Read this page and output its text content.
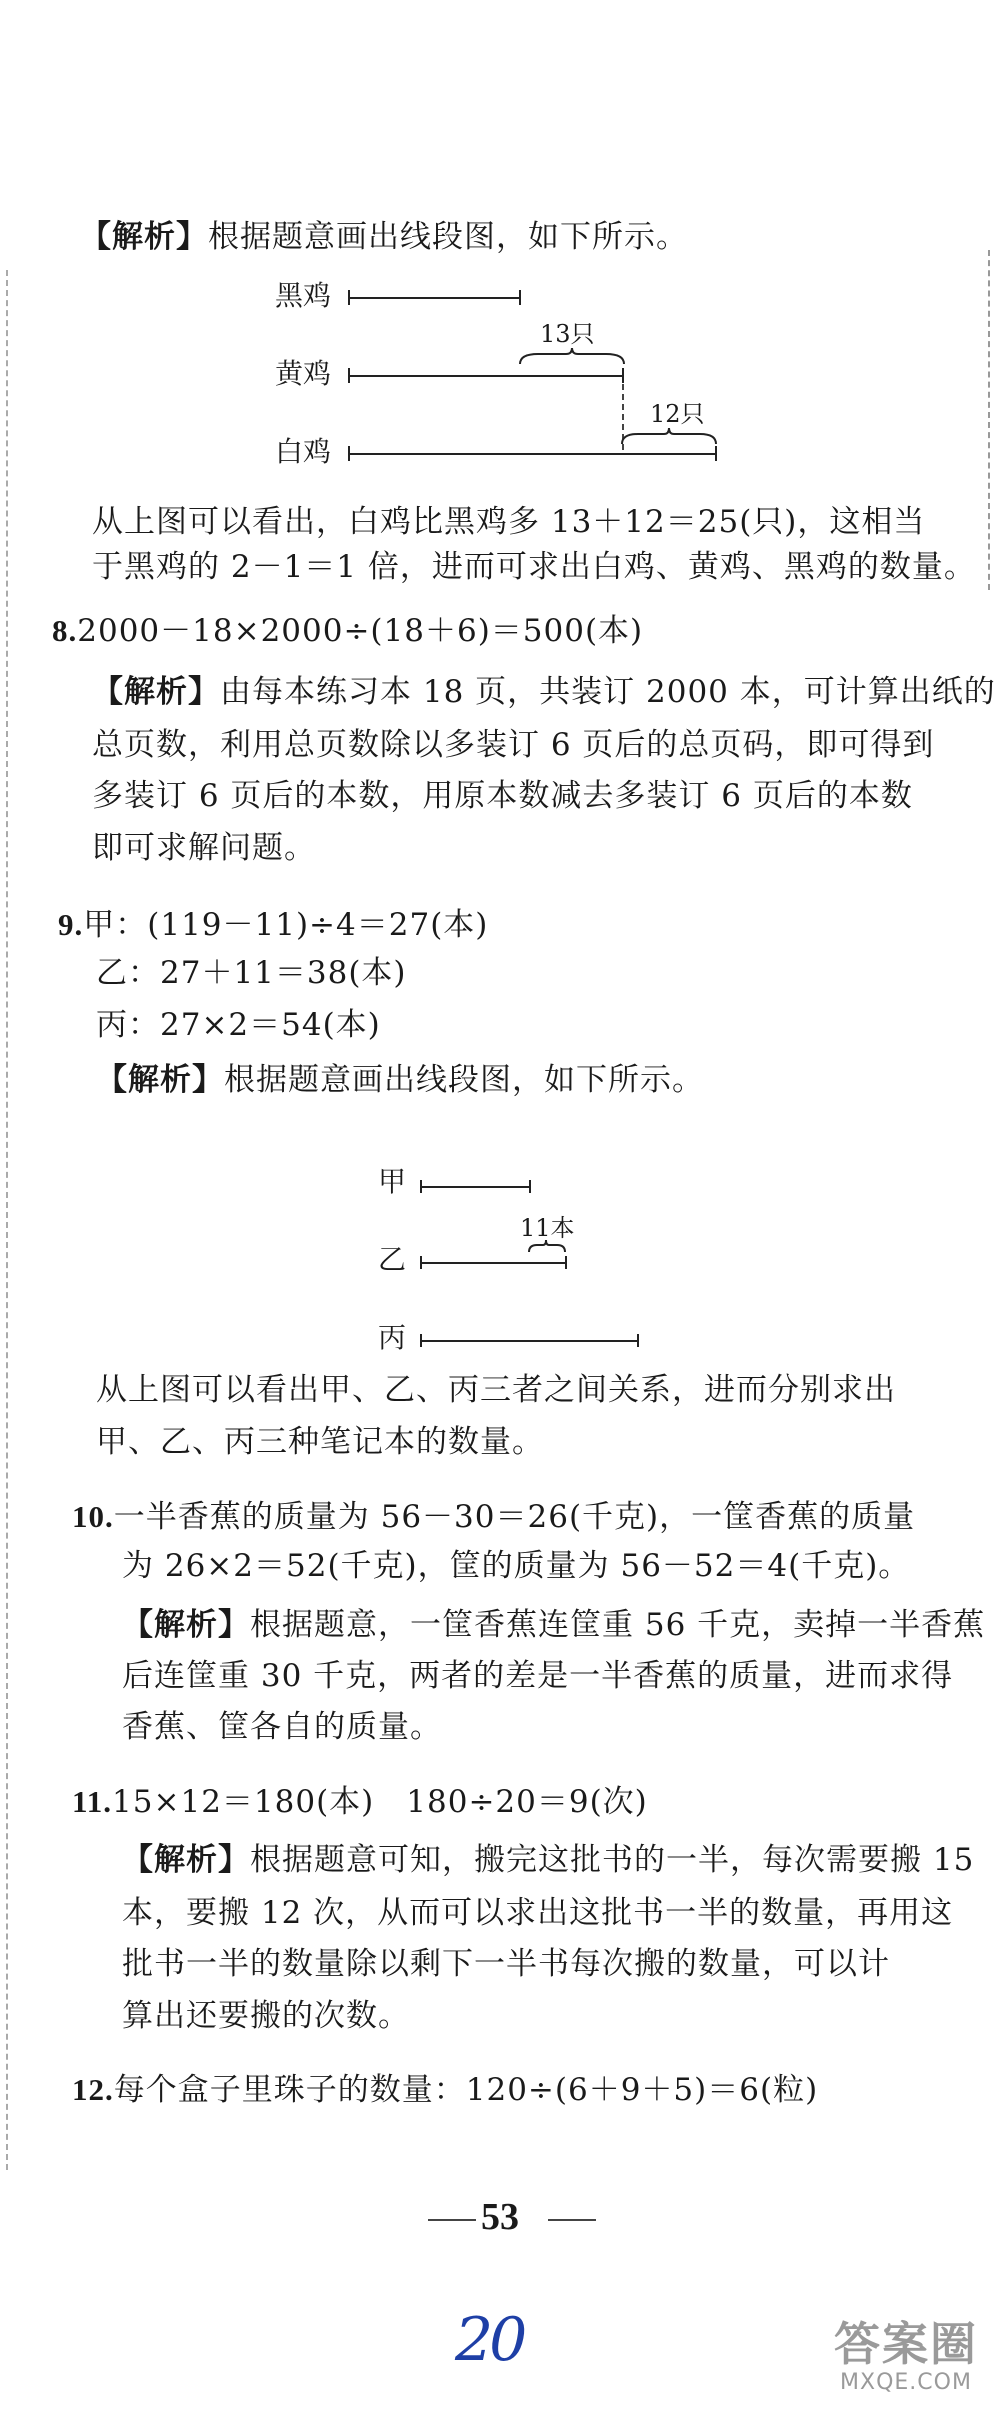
【解析】根据题意画出线段图，如下所示。
黑鸡
13只
黄鸡
12只
白鸡
从上图可以看出，白鸡比黑鸡多 13＋12＝25(只)，这相当
于黑鸡的 2－1＝1 倍，进而可求出白鸡、黄鸡、黑鸡的数量。
8.2000－18×2000÷(18＋6)＝500(本)
【解析】由每本练习本 18 页，共装订 2000 本，可计算出纸的
总页数，利用总页数除以多装订 6 页后的总页码，即可得到
多装订 6 页后的本数，用原本数减去多装订 6 页后的本数
即可求解问题。
9.甲：(119－11)÷4＝27(本)
乙：27＋11＝38(本)
丙：27×2＝54(本)
【解析】根据题意画出线段图，如下所示。
甲
11本
乙
丙
从上图可以看出甲、乙、丙三者之间关系，进而分别求出
甲、乙、丙三种笔记本的数量。
10.一半香蕉的质量为 56－30＝26(千克)，一筐香蕉的质量
为 26×2＝52(千克)，筐的质量为 56－52＝4(千克)。
【解析】根据题意，一筐香蕉连筐重 56 千克，卖掉一半香蕉
后连筐重 30 千克，两者的差是一半香蕉的质量，进而求得
香蕉、筐各自的质量。
11.15×12＝180(本)　180÷20＝9(次)
【解析】根据题意可知，搬完这批书的一半，每次需要搬 15
本，要搬 12 次，从而可以求出这批书一半的数量，再用这
批书一半的数量除以剩下一半书每次搬的数量，可以计
算出还要搬的次数。
12.每个盒子里珠子的数量：120÷(6＋9＋5)＝6(粒)
53
20	答案圈
MXQE.COM
